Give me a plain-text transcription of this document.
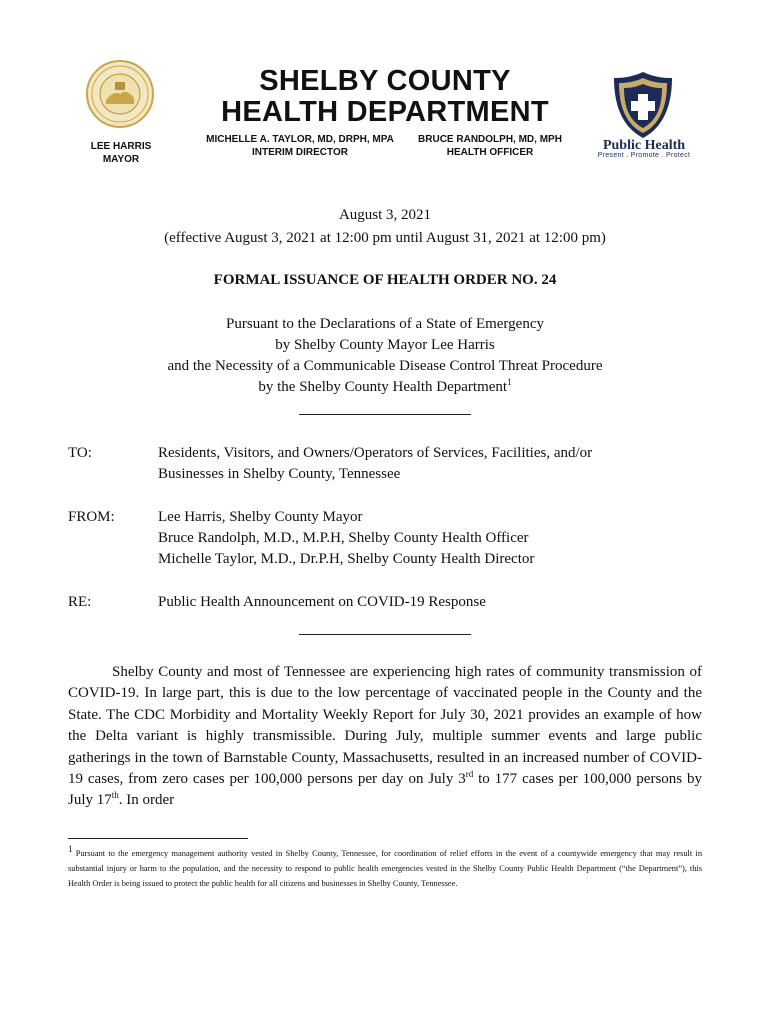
LEE HARRIS
MAYOR
SHELBY COUNTY
HEALTH DEPARTMENT
MICHELLE A. TAYLOR, MD, DRPH, MPA
INTERIM DIRECTOR
BRUCE RANDOLPH, MD, MPH
HEALTH OFFICER	Public Health
Present . Promote . Protect
August 3, 2021
(effective August 3, 2021 at 12:00 pm until August 31, 2021 at 12:00 pm)
FORMAL ISSUANCE OF HEALTH ORDER NO. 24
Pursuant to the Declarations of a State of Emergency
by Shelby County Mayor Lee Harris
and the Necessity of a Communicable Disease Control Threat Procedure
by the Shelby County Health Department$^1$
TO:	Residents, Visitors, and Owners/Operators of Services, Facilities, and/or
Businesses in Shelby County, Tennessee
FROM:	Lee Harris, Shelby County Mayor
Bruce Randolph, M.D., M.P.H, Shelby County Health Officer
Michelle Taylor, M.D., Dr.P.H, Shelby County Health Director
RE:	Public Health Announcement on COVID-19 Response

Shelby County and most of Tennessee are experiencing high rates of community transmission of COVID-19. In large part, this is due to the low percentage of vaccinated people in the County and the State. The CDC Morbidity and Mortality Weekly Report for July 30, 2021 provides an example of how the Delta variant is highly transmissible. During July, multiple summer events and large public gatherings in the town of Barnstable County, Massachusetts, resulted in an increased number of COVID-19 cases, from zero cases per 100,000 persons per day on July 3rd to 177 cases per 100,000 persons by July 17th. In order

$^1$ Pursuant to the emergency management authority vested in Shelby County, Tennessee, for coordination of relief efforts in the event of a countywide emergency that may result in substantial injury or harm to the population, and the necessity to respond to public health emergencies vested in the Shelby County Public Health Department (“the Department”), this Health Order is being issued to protect the public health for all citizens and businesses in Shelby County, Tennessee.
